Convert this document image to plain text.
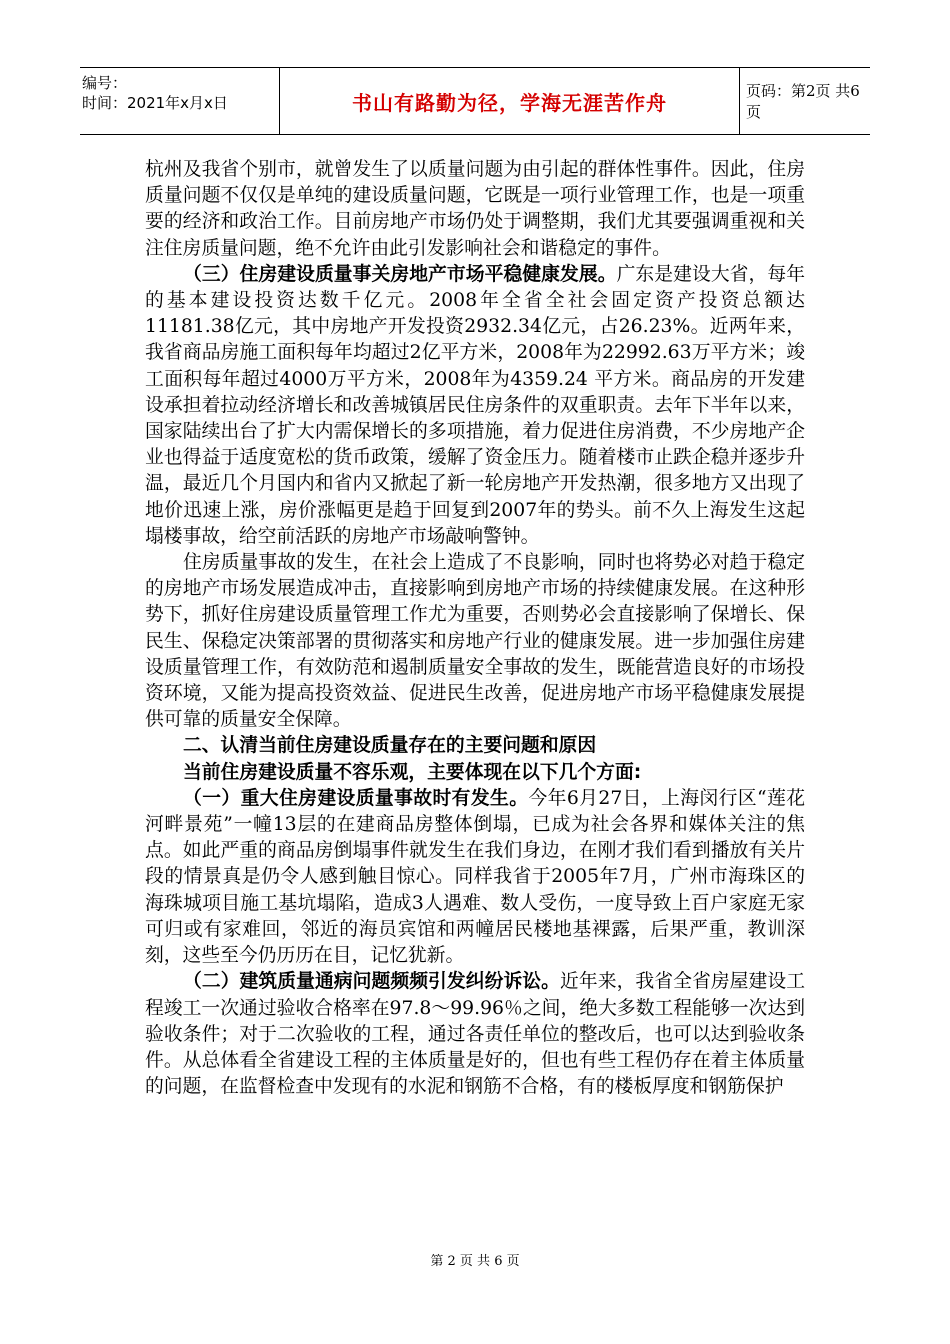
编号：
时间：2021年x月x日	书山有路勤为径，学海无涯苦作舟	页码：第2页 共6页

杭州及我省个别市，就曾发生了以质量问题为由引起的群体性事件。因此，住房质量问题不仅仅是单纯的建设质量问题，它既是一项行业管理工作，也是一项重要的经济和政治工作。目前房地产市场仍处于调整期，我们尤其要强调重视和关注住房质量问题，绝不允许由此引发影响社会和谐稳定的事件。

（三）住房建设质量事关房地产市场平稳健康发展。广东是建设大省，每年的基本建设投资达数千亿元。2008年全省全社会固定资产投资总额达11181.38亿元，其中房地产开发投资2932.34亿元，占26.23%。近两年来，我省商品房施工面积每年均超过2亿平方米，2008年为22992.63万平方米；竣工面积每年超过4000万平方米，2008年为4359.24 平方米。商品房的开发建设承担着拉动经济增长和改善城镇居民住房条件的双重职责。去年下半年以来，国家陆续出台了扩大内需保增长的多项措施，着力促进住房消费，不少房地产企业也得益于适度宽松的货币政策，缓解了资金压力。随着楼市止跌企稳并逐步升温，最近几个月国内和省内又掀起了新一轮房地产开发热潮，很多地方又出现了地价迅速上涨，房价涨幅更是趋于回复到2007年的势头。前不久上海发生这起塌楼事故，给空前活跃的房地产市场敲响警钟。

住房质量事故的发生，在社会上造成了不良影响，同时也将势必对趋于稳定的房地产市场发展造成冲击，直接影响到房地产市场的持续健康发展。在这种形势下，抓好住房建设质量管理工作尤为重要，否则势必会直接影响了保增长、保民生、保稳定决策部署的贯彻落实和房地产行业的健康发展。进一步加强住房建设质量管理工作，有效防范和遏制质量安全事故的发生，既能营造良好的市场投资环境，又能为提高投资效益、促进民生改善，促进房地产市场平稳健康发展提供可靠的质量安全保障。

二、认清当前住房建设质量存在的主要问题和原因

当前住房建设质量不容乐观，主要体现在以下几个方面:

（一）重大住房建设质量事故时有发生。今年6月27日，上海闵行区“莲花河畔景苑”一幢13层的在建商品房整体倒塌，已成为社会各界和媒体关注的焦点。如此严重的商品房倒塌事件就发生在我们身边，在刚才我们看到播放有关片段的情景真是仍令人感到触目惊心。同样我省于2005年7月，广州市海珠区的海珠城项目施工基坑塌陷，造成3人遇难、数人受伤，一度导致上百户家庭无家可归或有家难回，邻近的海员宾馆和两幢居民楼地基裸露，后果严重，教训深刻，这些至今仍历历在目，记忆犹新。

（二）建筑质量通病问题频频引发纠纷诉讼。近年来，我省全省房屋建设工程竣工一次通过验收合格率在97.8～99.96％之间，绝大多数工程能够一次达到验收条件；对于二次验收的工程，通过各责任单位的整改后，也可以达到验收条件。从总体看全省建设工程的主体质量是好的，但也有些工程仍存在着主体质量的问题，在监督检查中发现有的水泥和钢筋不合格，有的楼板厚度和钢筋保护

第 2 页 共 6 页
